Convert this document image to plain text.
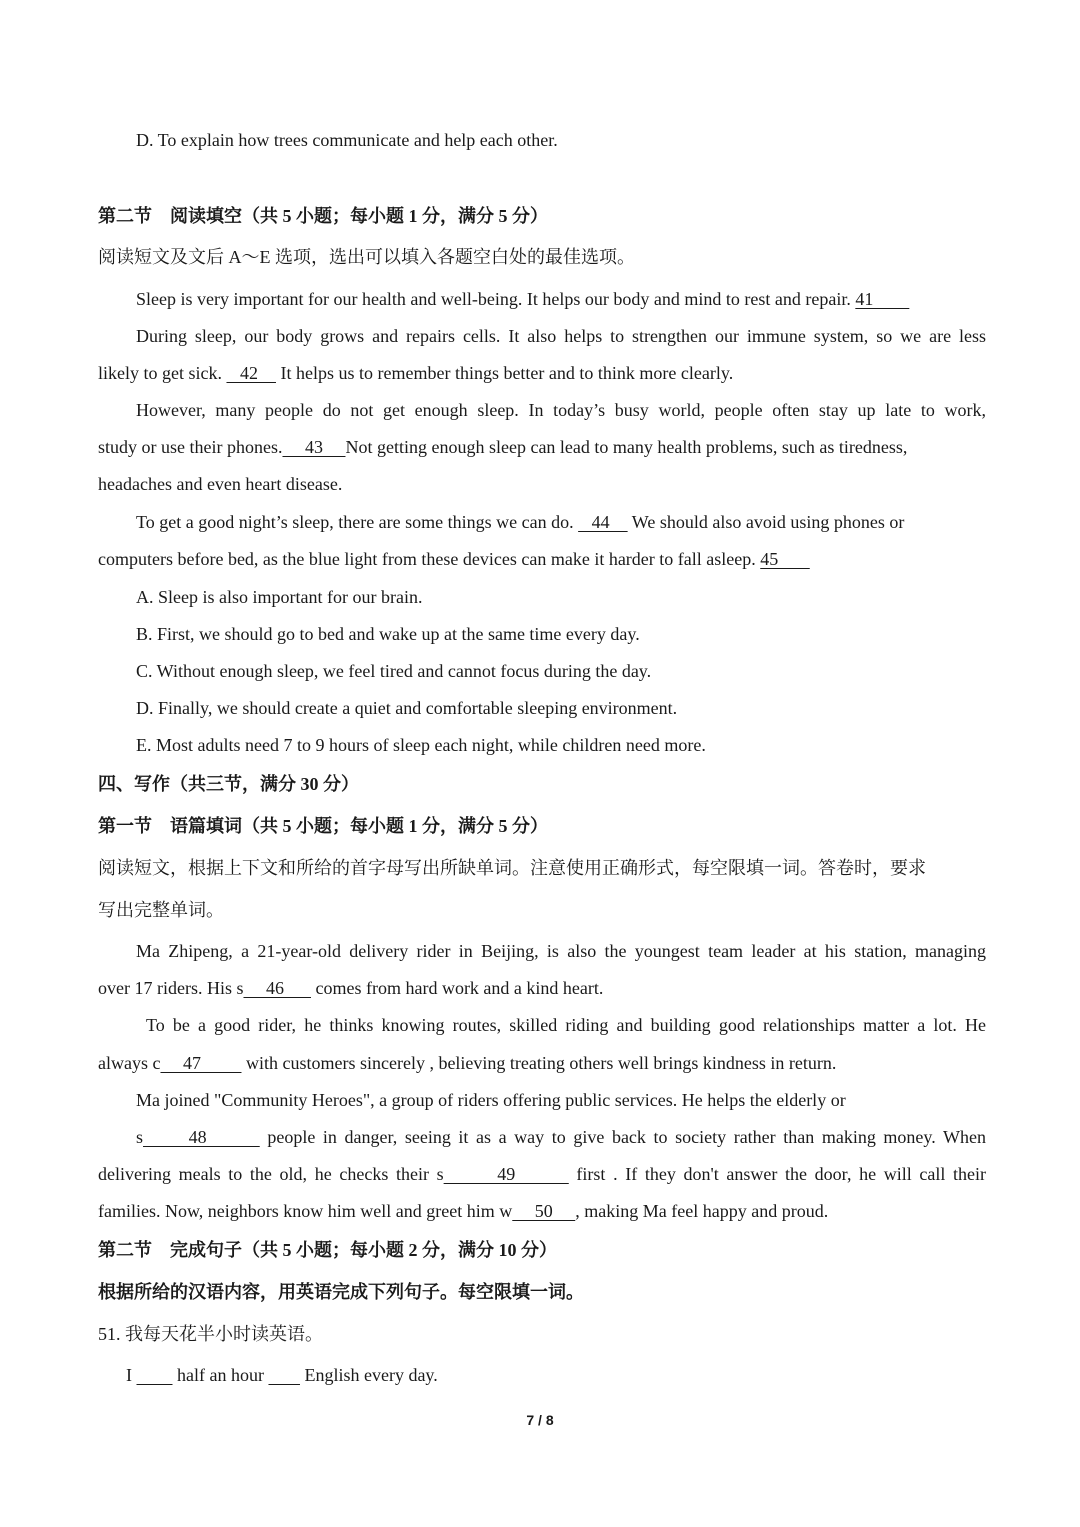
D. To explain how trees communicate and help each other.
第二节　阅读填空（共 5 小题；每小题 1 分，满分 5 分）
阅读短文及文后 A～E 选项，选出可以填入各题空白处的最佳选项。
Sleep is very important for our health and well-being. It helps our body and mind to rest and repair. 41
During sleep, our body grows and repairs cells. It also helps to strengthen our immune system, so we are less
likely to get sick.    42     It helps us to remember things better and to think more clearly.
However, many people do not get enough sleep. In today’s busy world, people often stay up late to work,
study or use their phones.     43     Not getting enough sleep can lead to many health problems, such as tiredness,
headaches and even heart disease.
To get a good night’s sleep, there are some things we can do.    44     We should also avoid using phones or
computers before bed, as the blue light from these devices can make it harder to fall asleep. 45
A. Sleep is also important for our brain.
B. First, we should go to bed and wake up at the same time every day.
C. Without enough sleep, we feel tired and cannot focus during the day.
D. Finally, we should create a quiet and comfortable sleeping environment.
E. Most adults need 7 to 9 hours of sleep each night, while children need more.
四、写作（共三节，满分 30 分）
第一节　语篇填词（共 5 小题；每小题 1 分，满分 5 分）
阅读短文，根据上下文和所给的首字母写出所缺单词。注意使用正确形式，每空限填一词。答卷时，要求
写出完整单词。
Ma Zhipeng, a 21-year-old delivery rider in Beijing, is also the youngest team leader at his station, managing
over 17 riders. His s     46       comes from hard work and a kind heart.
To be a good rider, he thinks knowing routes, skilled riding and building good relationships matter a lot. He
always c     47          with customers sincerely , believing treating others well brings kindness in return.
Ma joined "Community Heroes", a group of riders offering public services. He helps the elderly or
s      48        people in danger, seeing it as a way to give back to society rather than making money. When
delivering meals to the old, he checks their s       49        first . If they don't answer the door, he will call their
families. Now, neighbors know him well and greet him w     50     , making Ma feel happy and proud.
第二节　完成句子（共 5 小题；每小题 2 分，满分 10 分）
根据所给的汉语内容，用英语完成下列句子。每空限填一词。
51. 我每天花半小时读英语。
I          half an hour         English every day.
7 / 8
